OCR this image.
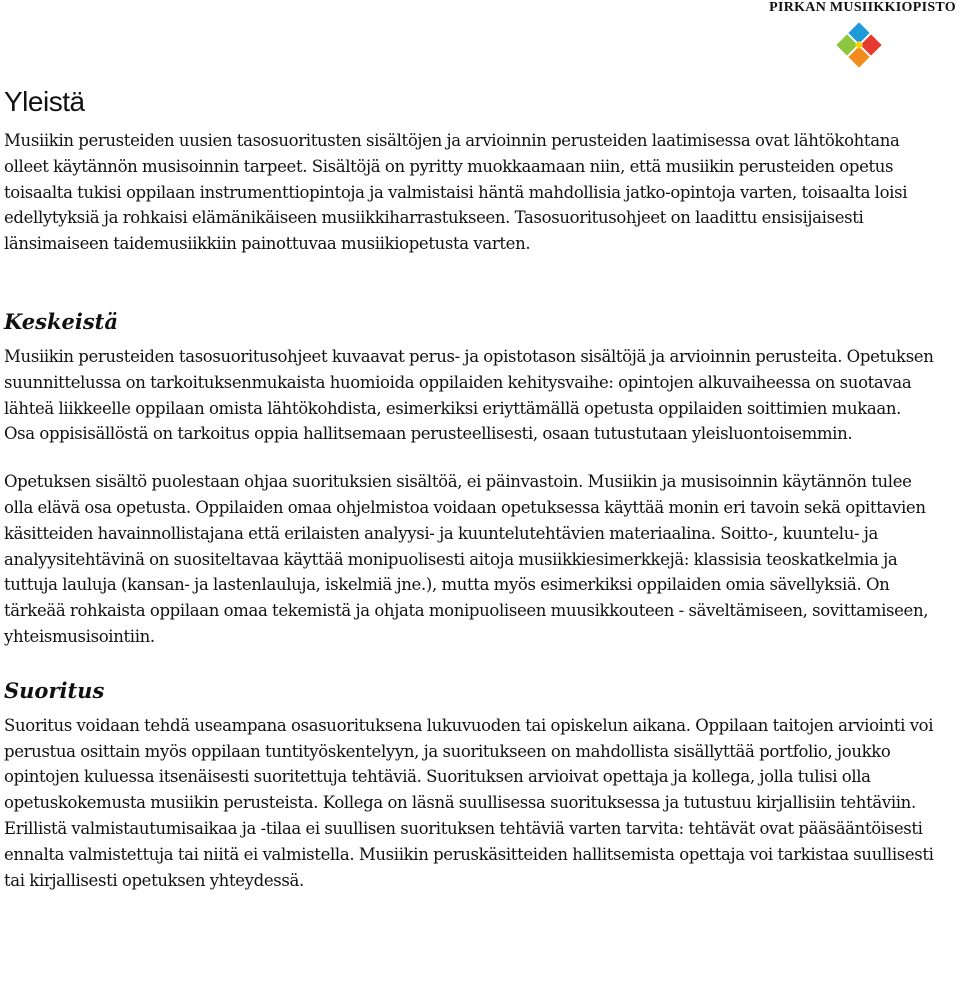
PIRKAN MUSIIKKIOPISTO
Yleistä

Musiikin perusteiden uusien tasosuoritusten sisältöjen ja arvioinnin perusteiden laatimisessa ovat lähtökohtana olleet käytännön musisoinnin tarpeet. Sisältöjä on pyritty muokkaamaan niin, että musiikin perusteiden opetus toisaalta tukisi oppilaan instrumenttiopintoja ja valmistaisi häntä mahdollisia jatko-opintoja varten, toisaalta loisi edellytyksiä ja rohkaisi elämänikäiseen musiikkiharrastukseen. Tasosuoritusohjeet on laadittu ensisijaisesti länsimaiseen taidemusiikkiin painottuvaa musiikiopetusta varten.

Keskeistä

Musiikin perusteiden tasosuoritusohjeet kuvaavat perus- ja opistotason sisältöjä ja arvioinnin perusteita. Opetuksen suunnittelussa on tarkoituksenmukaista huomioida oppilaiden kehitysvaihe: opintojen alkuvaiheessa on suotavaa lähteä liikkeelle oppilaan omista lähtökohdista, esimerkiksi eriyttämällä opetusta oppilaiden soittimien mukaan. Osa oppisisällöstä on tarkoitus oppia hallitsemaan perusteellisesti, osaan tutustutaan yleisluontoisemmin.

Opetuksen sisältö puolestaan ohjaa suorituksien sisältöä, ei päinvastoin. Musiikin ja musisoinnin käytännön tulee olla elävä osa opetusta. Oppilaiden omaa ohjelmistoa voidaan opetuksessa käyttää monin eri tavoin sekä opittavien käsitteiden havainnollistajana että erilaisten analyysi- ja kuuntelutehtävien materiaalina. Soitto-, kuuntelu- ja analyysitehtävinä on suositeltavaa käyttää monipuolisesti aitoja musiikkiesimerkkejä: klassisia teoskatkelmia ja tuttuja lauluja (kansan- ja lastenlauluja, iskelmiä jne.), mutta myös esimerkiksi oppilaiden omia sävellyksiä. On tärkeää rohkaista oppilaan omaa tekemistä ja ohjata monipuoliseen muusikkouteen - säveltämiseen, sovittamiseen, yhteismusisointiin.

Suoritus

Suoritus voidaan tehdä useampana osasuorituksena lukuvuoden tai opiskelun aikana. Oppilaan taitojen arviointi voi perustua osittain myös oppilaan tuntityöskentelyyn, ja suoritukseen on mahdollista sisällyttää portfolio, joukko opintojen kuluessa itsenäisesti suoritettuja tehtäviä. Suorituksen arvioivat opettaja ja kollega, jolla tulisi olla opetuskokemusta musiikin perusteista. Kollega on läsnä suullisessa suorituksessa ja tutustuu kirjallisiin tehtäviin. Erillistä valmistautumisaikaa ja -tilaa ei suullisen suorituksen tehtäviä varten tarvita: tehtävät ovat pääsääntöisesti ennalta valmistettuja tai niitä ei valmistella. Musiikin peruskäsitteiden hallitsemista opettaja voi tarkistaa suullisesti tai kirjallisesti opetuksen yhteydessä.
